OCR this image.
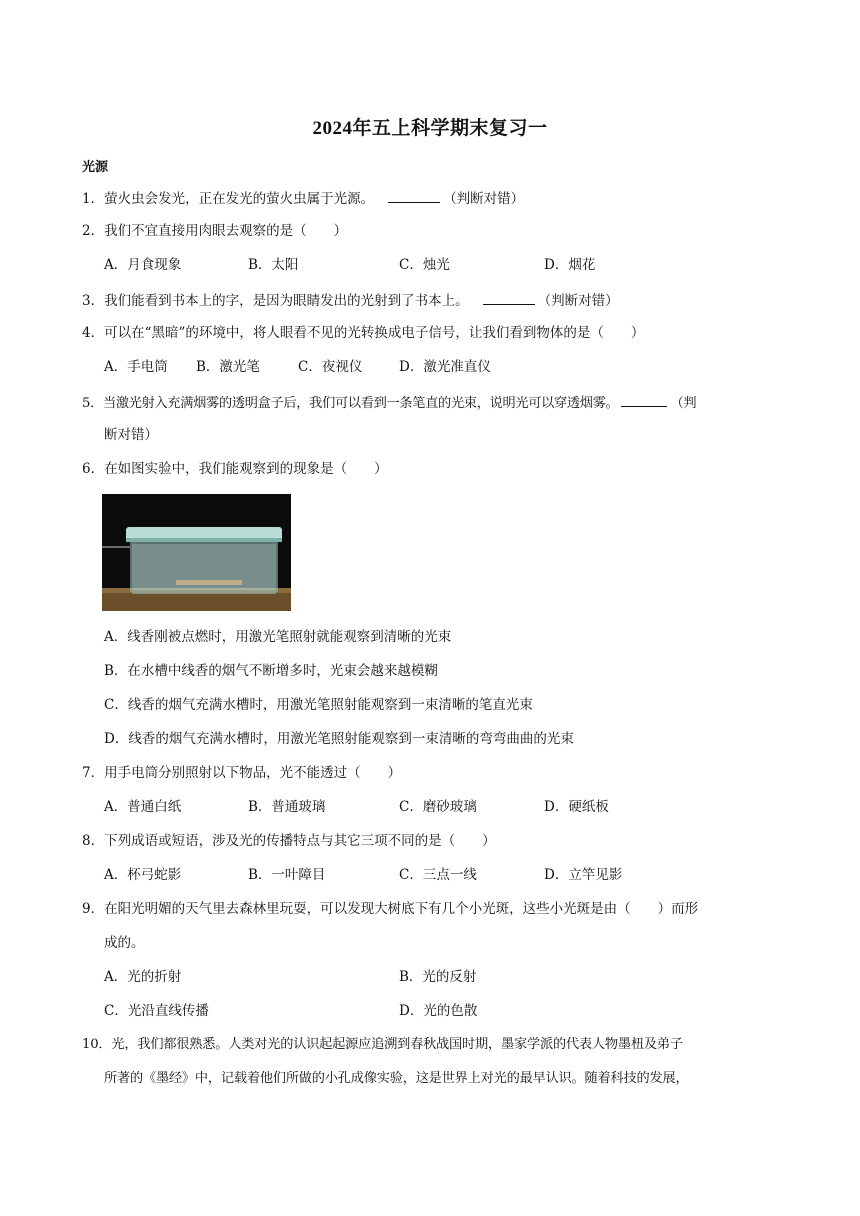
2024年五上科学期末复习一
光源
1．萤火虫会发光，正在发光的萤火虫属于光源。	（判断对错）
2．我们不宜直接用肉眼去观察的是（　　）
A．月食现象	B．太阳	C．烛光	D．烟花
3．我们能看到书本上的字，是因为眼睛发出的光射到了书本上。	（判断对错）
4．可以在“黑暗”的环境中，将人眼看不见的光转换成电子信号，让我们看到物体的是（　　）
A．手电筒 B．激光笔	C．夜视仪	D．激光准直仪
5．当激光射入充满烟雾的透明盒子后，我们可以看到一条笔直的光束，说明光可以穿透烟雾。	（判
断对错）
6．在如图实验中，我们能观察到的现象是（　　）
A．线香刚被点燃时，用激光笔照射就能观察到清晰的光束
B．在水槽中线香的烟气不断增多时，光束会越来越模糊
C．线香的烟气充满水槽时，用激光笔照射能观察到一束清晰的笔直光束
D．线香的烟气充满水槽时，用激光笔照射能观察到一束清晰的弯弯曲曲的光束
7．用手电筒分别照射以下物品，光不能透过（　　）
A．普通白纸	B．普通玻璃	C．磨砂玻璃	D．硬纸板
8．下列成语或短语，涉及光的传播特点与其它三项不同的是（　　）
A．杯弓蛇影	B．一叶障目	C．三点一线	D．立竿见影
9．在阳光明媚的天气里去森林里玩耍，可以发现大树底下有几个小光斑，这些小光斑是由（　　）而形
成的。
A．光的折射	B．光的反射
C．光沿直线传播	D．光的色散
10．光，我们都很熟悉。人类对光的认识起起源应追溯到春秋战国时期，墨家学派的代表人物墨杻及弟子
所著的《墨经》中，记载着他们所做的小孔成像实验，这是世界上对光的最早认识。随着科技的发展，
